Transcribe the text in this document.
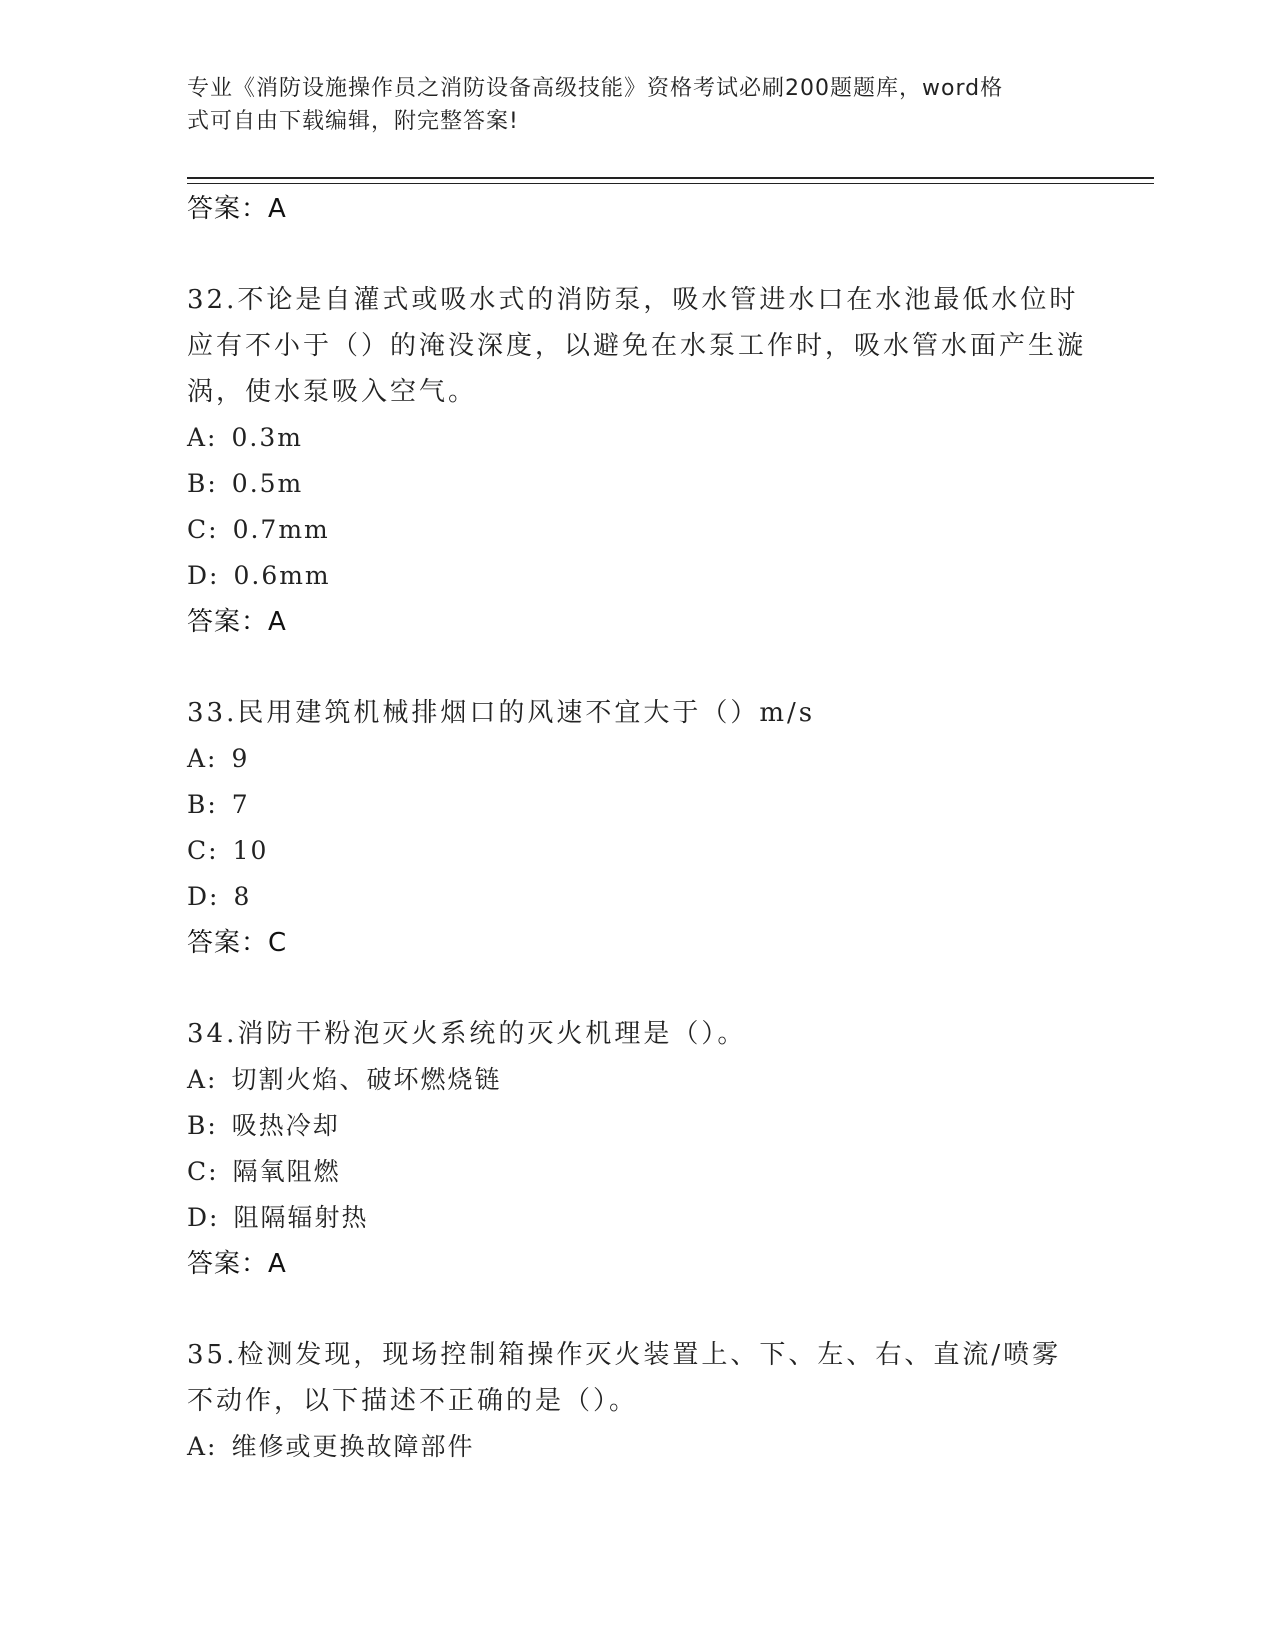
专业《消防设施操作员之消防设备高级技能》资格考试必刷200题题库，word格
式可自由下载编辑，附完整答案!
答案：A
32.不论是自灌式或吸水式的消防泵，吸水管进水口在水池最低水位时应有不小于（）的淹没深度，以避免在水泵工作时，吸水管水面产生漩涡，使水泵吸入空气。
A: 0.3m
B: 0.5m
C: 0.7mm
D: 0.6mm
答案：A
33.民用建筑机械排烟口的风速不宜大于（）m/s
A: 9
B: 7
C: 10
D: 8
答案：C
34.消防干粉泡灭火系统的灭火机理是（）。
A: 切割火焰、破坏燃烧链
B: 吸热冷却
C: 隔氧阻燃
D: 阻隔辐射热
答案：A
35.检测发现，现场控制箱操作灭火装置上、下、左、右、直流/喷雾不动作，以下描述不正确的是（）。
A: 维修或更换故障部件
